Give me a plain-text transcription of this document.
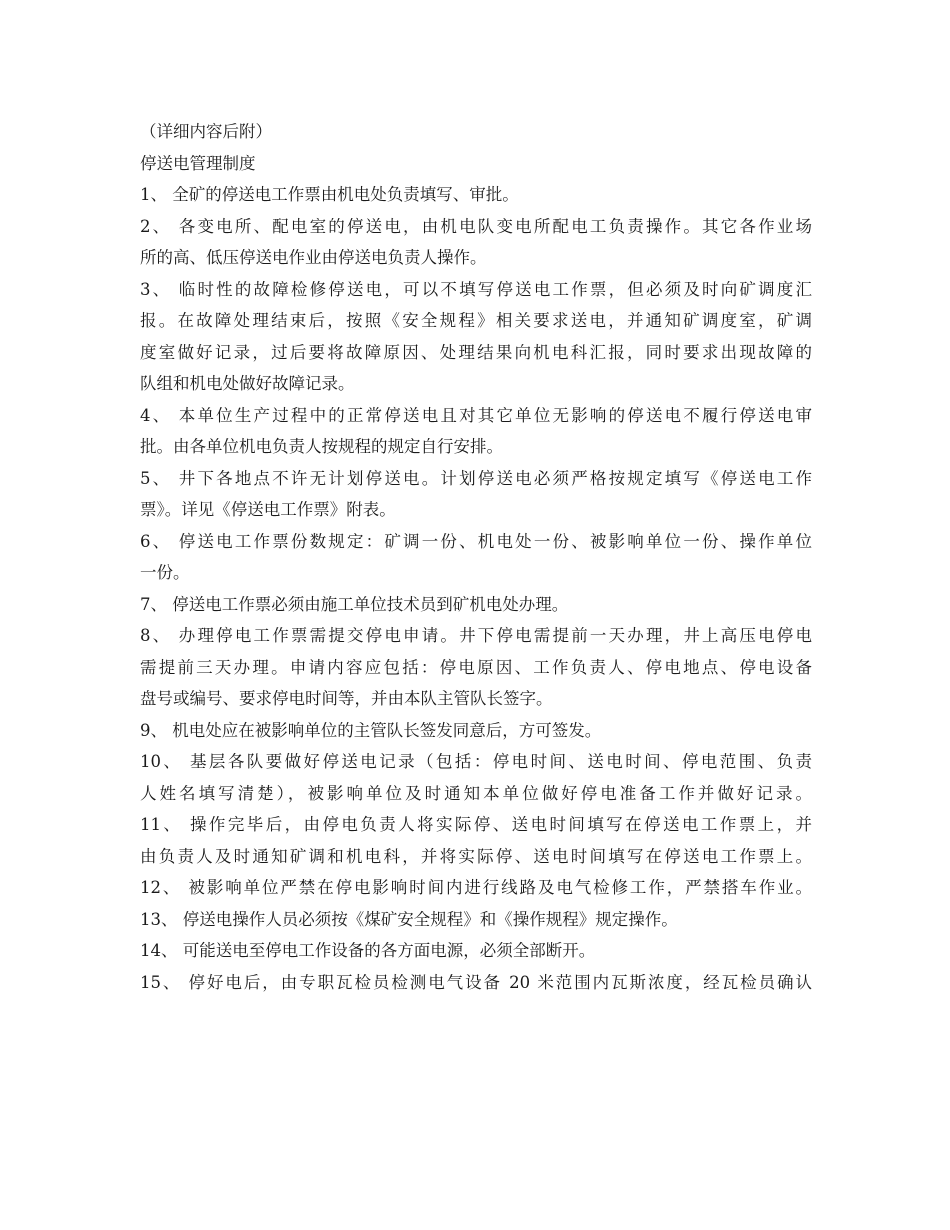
（详细内容后附）
停送电管理制度
1、 全矿的停送电工作票由机电处负责填写、审批。
2、 各变电所、配电室的停送电，由机电队变电所配电工负责操作。其它各作业场
所的高、低压停送电作业由停送电负责人操作。
3、 临时性的故障检修停送电，可以不填写停送电工作票，但必须及时向矿调度汇
报。在故障处理结束后，按照《安全规程》相关要求送电，并通知矿调度室，矿调
度室做好记录，过后要将故障原因、处理结果向机电科汇报，同时要求出现故障的
队组和机电处做好故障记录。
4、 本单位生产过程中的正常停送电且对其它单位无影响的停送电不履行停送电审
批。由各单位机电负责人按规程的规定自行安排。
5、 井下各地点不许无计划停送电。计划停送电必须严格按规定填写《停送电工作
票》。详见《停送电工作票》附表。
6、 停送电工作票份数规定：矿调一份、机电处一份、被影响单位一份、操作单位
一份。
7、 停送电工作票必须由施工单位技术员到矿机电处办理。
8、 办理停电工作票需提交停电申请。井下停电需提前一天办理，井上高压电停电
需提前三天办理。申请内容应包括：停电原因、工作负责人、停电地点、停电设备
盘号或编号、要求停电时间等，并由本队主管队长签字。
9、 机电处应在被影响单位的主管队长签发同意后，方可签发。
10、 基层各队要做好停送电记录（包括：停电时间、送电时间、停电范围、负责
人姓名填写清楚），被影响单位及时通知本单位做好停电准备工作并做好记录。
11、 操作完毕后，由停电负责人将实际停、送电时间填写在停送电工作票上，并
由负责人及时通知矿调和机电科，并将实际停、送电时间填写在停送电工作票上。
12、 被影响单位严禁在停电影响时间内进行线路及电气检修工作，严禁搭车作业。
13、 停送电操作人员必须按《煤矿安全规程》和《操作规程》规定操作。
14、 可能送电至停电工作设备的各方面电源，必须全部断开。
15、 停好电后，由专职瓦检员检测电气设备 20 米范围内瓦斯浓度，经瓦检员确认
